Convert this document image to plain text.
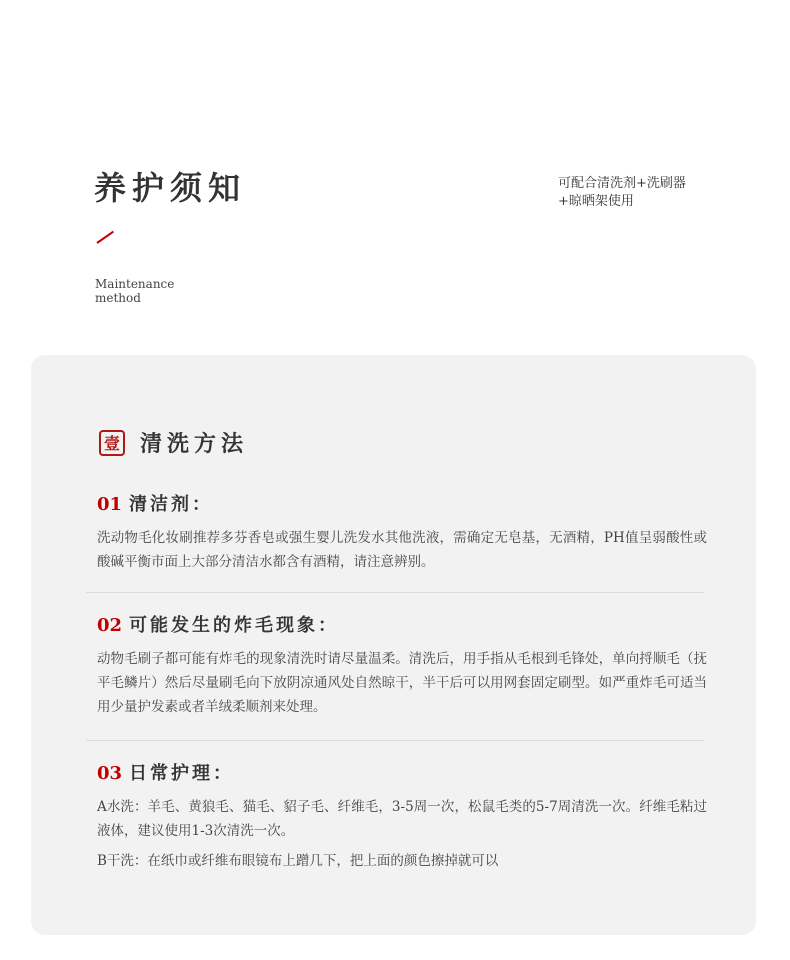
养护须知
Maintenance
method
可配合清洗剂+洗刷器
+晾晒架使用
壹 清洗方法
01 清洁剂：

洗动物毛化妆刷推荐多芬香皂或强生婴儿洗发水其他洗液，需确定无皂基，无酒精，PH值呈弱酸性或酸碱平衡市面上大部分清洁水都含有酒精，请注意辨别。

02 可能发生的炸毛现象：

动物毛刷子都可能有炸毛的现象清洗时请尽量温柔。清洗后，用手指从毛根到毛锋处，单向捋顺毛（抚平毛鳞片）然后尽量刷毛向下放阴凉通风处自然晾干，半干后可以用网套固定刷型。如严重炸毛可适当用少量护发素或者羊绒柔顺剂来处理。

03 日常护理：

A水洗：羊毛、黄狼毛、猫毛、貂子毛、纤维毛，3-5周一次，松鼠毛类的5-7周清洗一次。纤维毛粘过液体，建议使用1-3次清洗一次。

B干洗：在纸巾或纤维布眼镜布上蹭几下，把上面的颜色擦掉就可以
